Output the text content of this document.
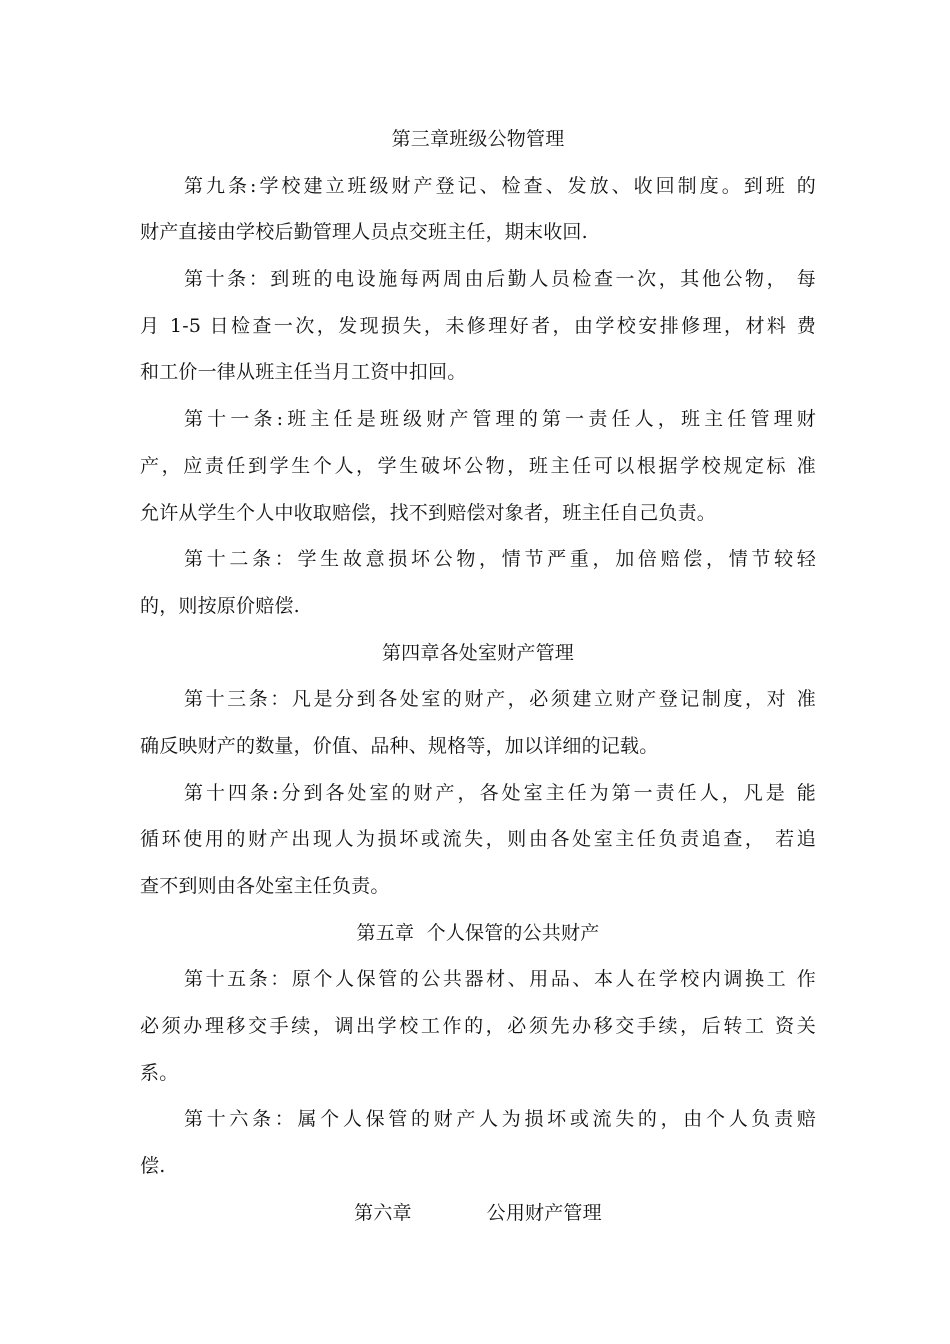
第三章班级公物管理
第九条:学校建立班级财产登记、检查、发放、收回制度。到班 的
财产直接由学校后勤管理人员点交班主任，期末收回.
第十条：到班的电设施每两周由后勤人员检查一次，其他公物， 每
月 1-5 日检查一次，发现损失，未修理好者，由学校安排修理，材料 费
和工价一律从班主任当月工资中扣回。
第十一条:班主任是班级财产管理的第一责任人，班主任管理财
产，应责任到学生个人，学生破坏公物，班主任可以根据学校规定标 准
允许从学生个人中收取赔偿，找不到赔偿对象者，班主任自己负责。
第十二条：学生故意损坏公物，情节严重，加倍赔偿，情节较轻
的，则按原价赔偿.
第四章各处室财产管理
第十三条：凡是分到各处室的财产，必须建立财产登记制度，对 准
确反映财产的数量，价值、品种、规格等，加以详细的记载。
第十四条:分到各处室的财产，各处室主任为第一责任人，凡是 能
循环使用的财产出现人为损坏或流失，则由各处室主任负责追查， 若追
查不到则由各处室主任负责。
第五章  个人保管的公共财产
第十五条：原个人保管的公共器材、用品、本人在学校内调换工 作
必须办理移交手续，调出学校工作的，必须先办移交手续，后转工 资关
系。
第十六条：属个人保管的财产人为损坏或流失的，由个人负责赔
偿.
第六章            公用财产管理
